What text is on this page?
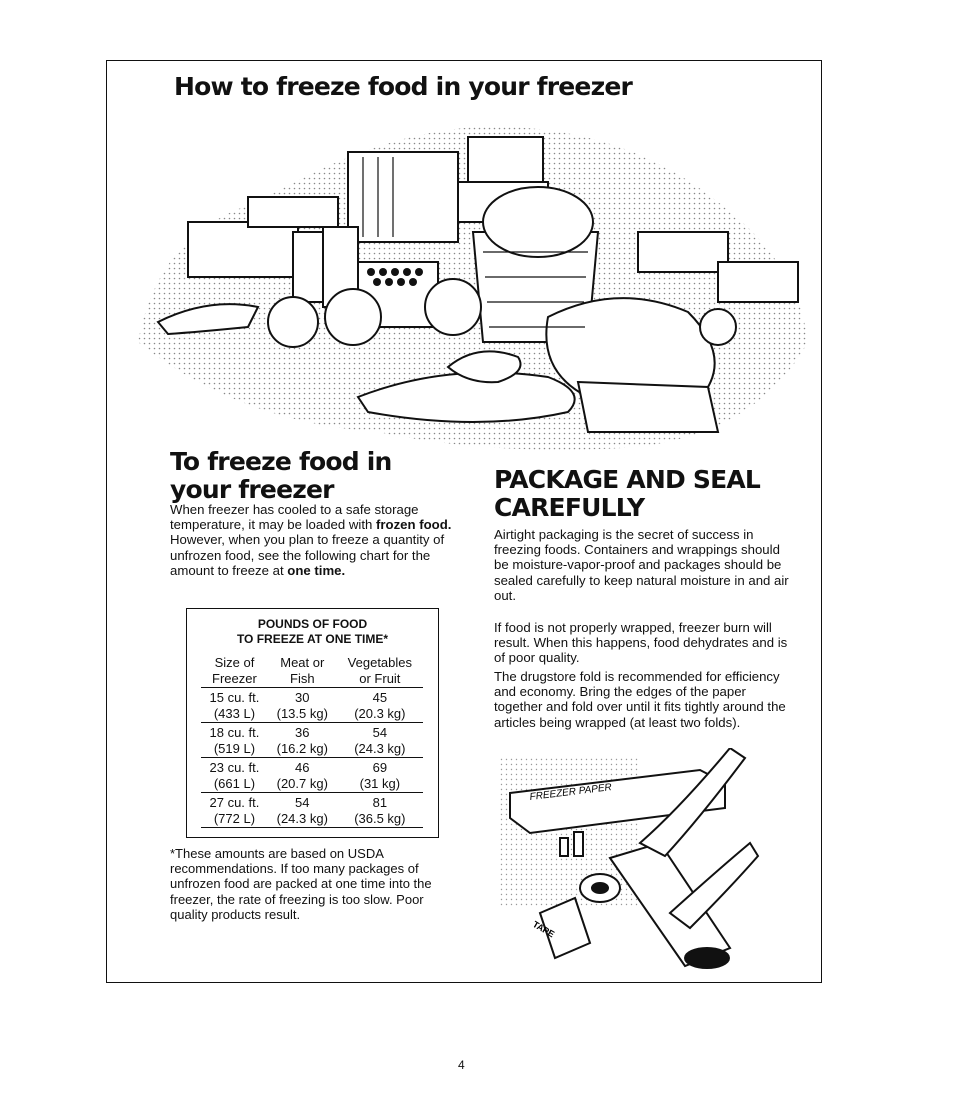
How to freeze food in your freezer
To freeze food in your freezer

When freezer has cooled to a safe storage temperature, it may be loaded with frozen food. However, when you plan to freeze a quantity of unfrozen food, see the following chart for the amount to freeze at one time.

POUNDS OF FOOD
TO FREEZE AT ONE TIME*
Size of	Meat or	Vegetables
Freezer	Fish	or Fruit
15 cu. ft.	30	45
(433 L)	(13.5 kg)	(20.3 kg)
18 cu. ft.	36	54
(519 L)	(16.2 kg)	(24.3 kg)
23 cu. ft.	46	69
(661 L)	(20.7 kg)	(31 kg)
27 cu. ft.	54	81
(772 L)	(24.3 kg)	(36.5 kg)

*These amounts are based on USDA recommendations. If too many packages of unfrozen food are packed at one time into the freezer, the rate of freezing is too slow. Poor quality products result.

PACKAGE AND SEAL CAREFULLY

Airtight packaging is the secret of success in freezing foods. Containers and wrappings should be moisture-vapor-proof and packages should be sealed carefully to keep natural moisture in and air out.

If food is not properly wrapped, freezer burn will result. When this happens, food dehydrates and is of poor quality.

The drugstore fold is recommended for efficiency and economy. Bring the edges of the paper together and fold over until it fits tightly around the articles being wrapped (at least two folds).

FREEZER PAPER
TAPE
4
